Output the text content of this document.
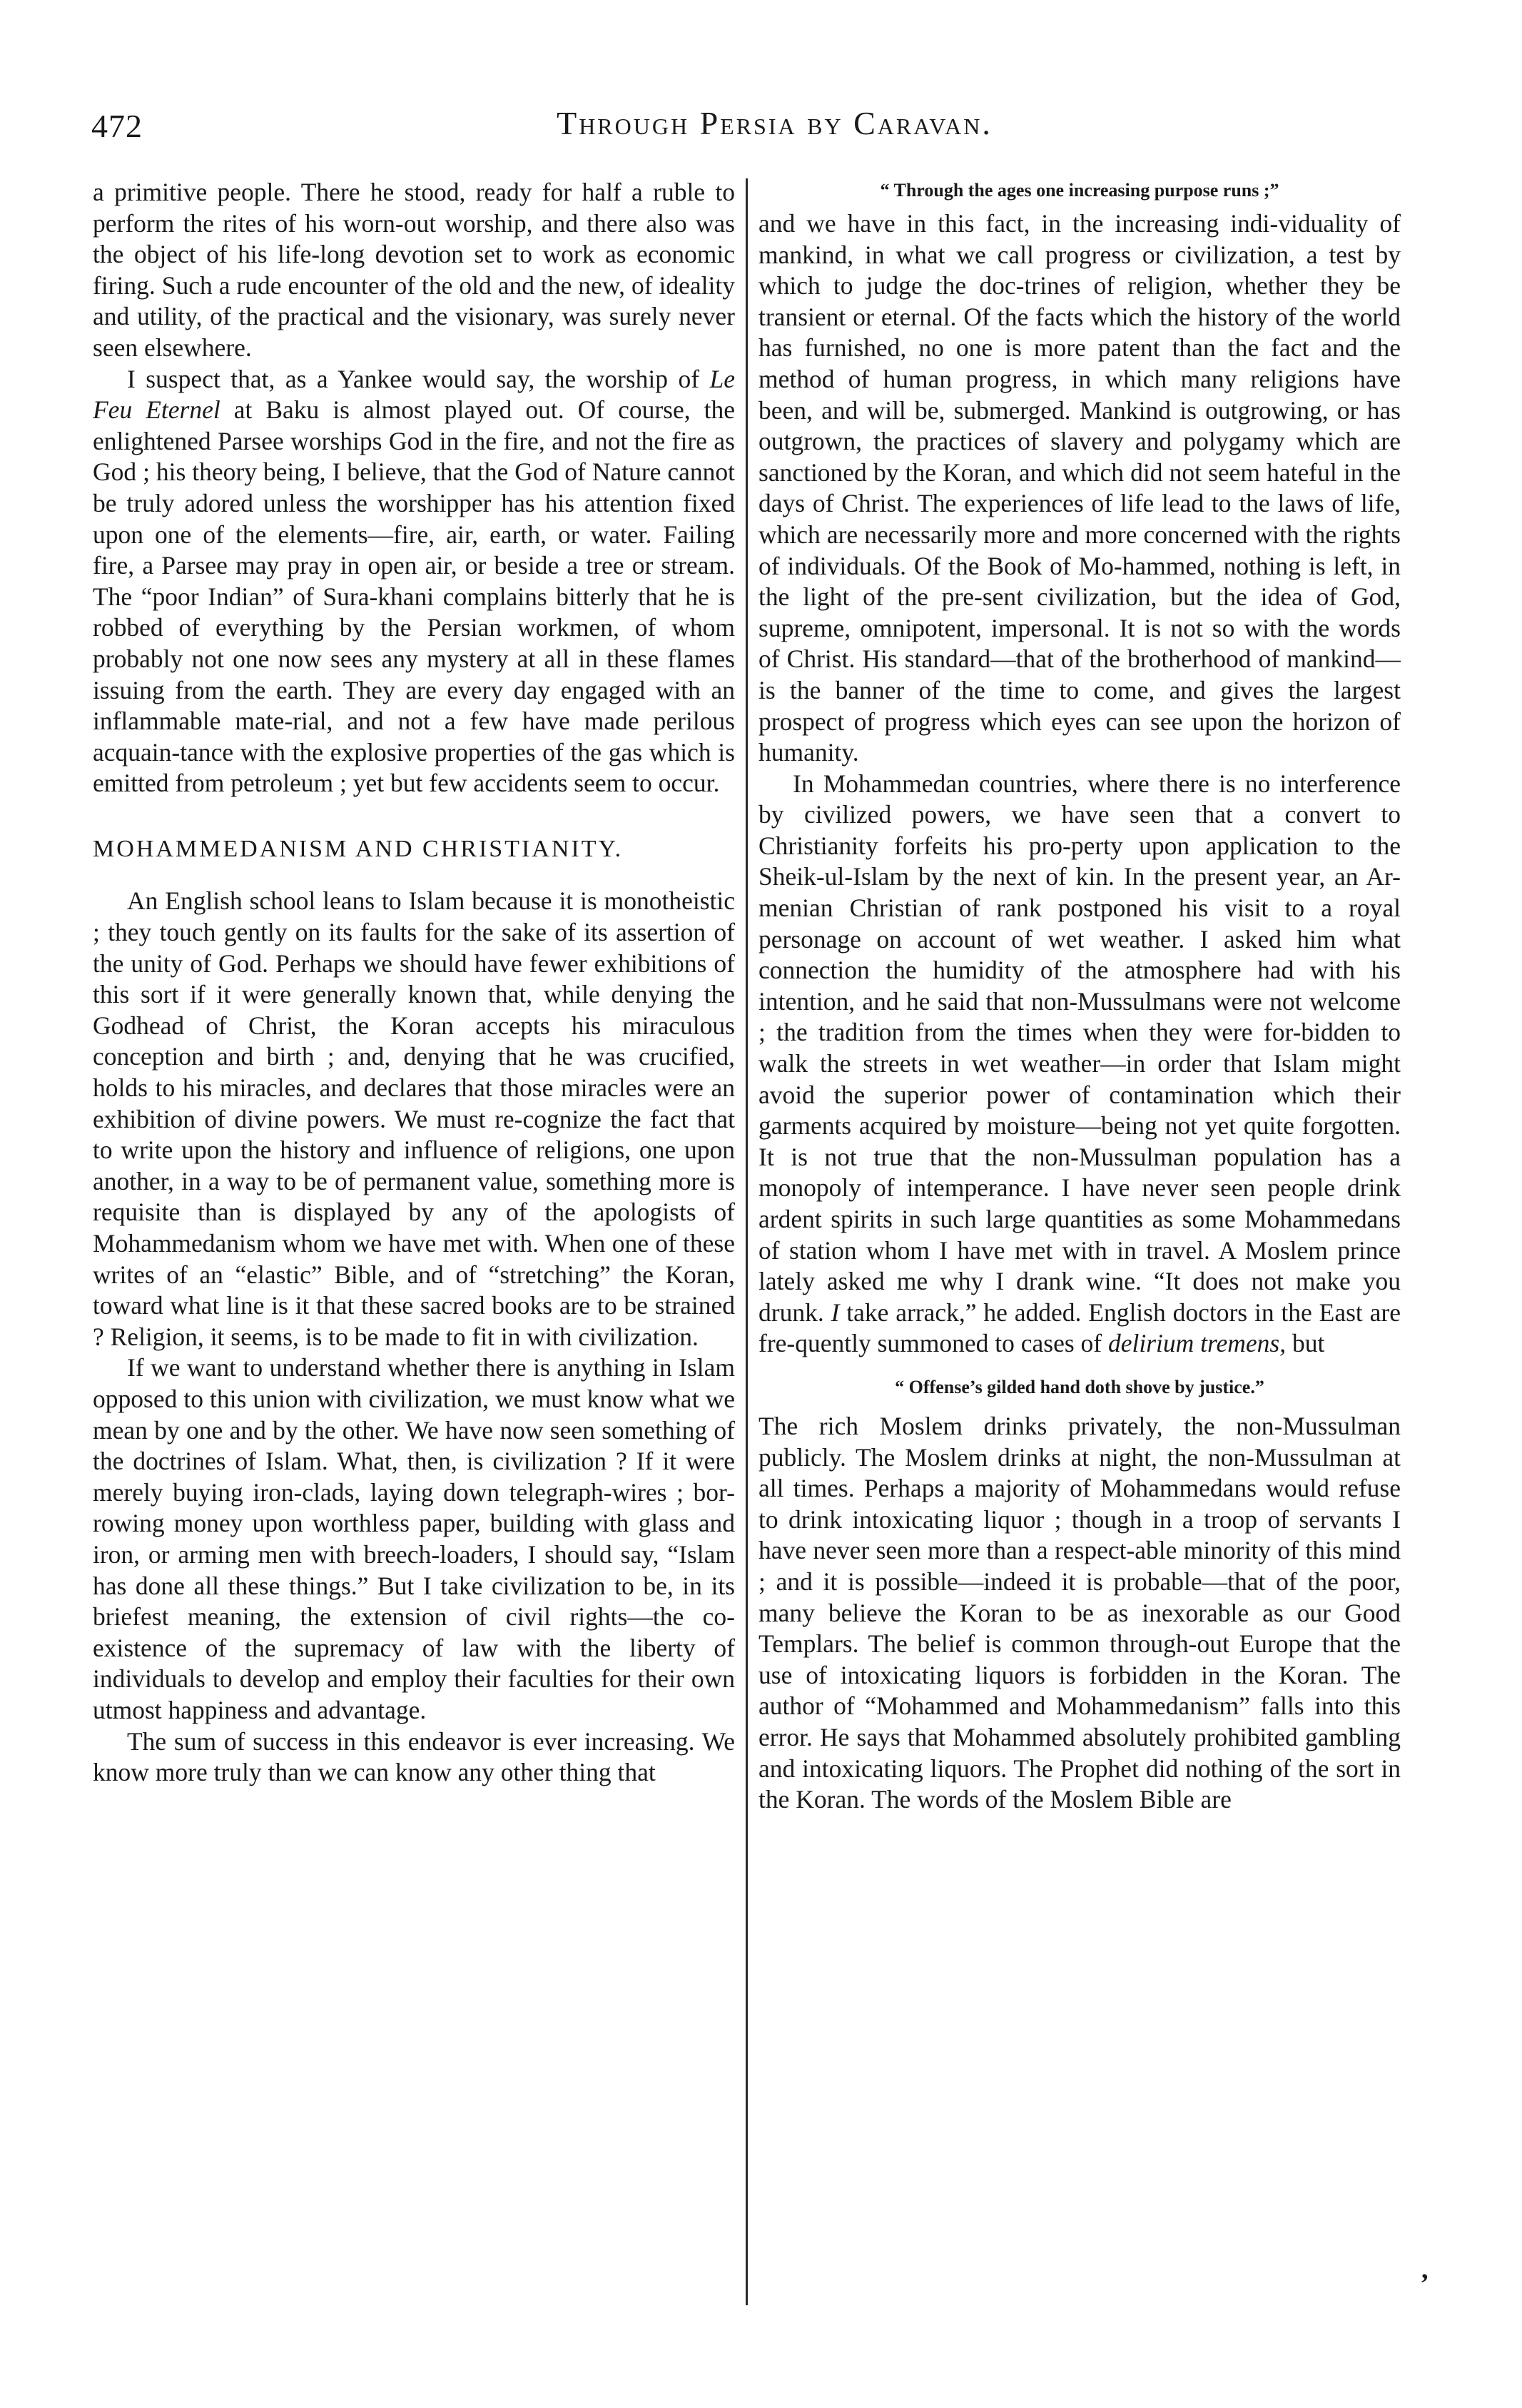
472	Through Persia by Caravan.

a primitive people. There he stood, ready for half a ruble to perform the rites of his worn-out worship, and there also was the object of his life-long devotion set to work as economic firing. Such a rude encounter of the old and the new, of ideality and utility, of the practical and the visionary, was surely never seen elsewhere.

I suspect that, as a Yankee would say, the worship of Le Feu Eternel at Baku is almost played out. Of course, the enlightened Parsee worships God in the fire, and not the fire as God ; his theory being, I believe, that the God of Nature cannot be truly adored unless the worshipper has his attention fixed upon one of the elements—fire, air, earth, or water. Failing fire, a Parsee may pray in open air, or beside a tree or stream. The “poor Indian” of Sura-khani complains bitterly that he is robbed of everything by the Persian workmen, of whom probably not one now sees any mystery at all in these flames issuing from the earth. They are every day engaged with an inflammable mate-rial, and not a few have made perilous acquain-tance with the explosive properties of the gas which is emitted from petroleum ; yet but few accidents seem to occur.

MOHAMMEDANISM AND CHRISTIANITY.

An English school leans to Islam because it is monotheistic ; they touch gently on its faults for the sake of its assertion of the unity of God. Perhaps we should have fewer exhibitions of this sort if it were generally known that, while denying the Godhead of Christ, the Koran accepts his miraculous conception and birth ; and, denying that he was crucified, holds to his miracles, and declares that those miracles were an exhibition of divine powers. We must re-cognize the fact that to write upon the history and influence of religions, one upon another, in a way to be of permanent value, something more is requisite than is displayed by any of the apologists of Mohammedanism whom we have met with. When one of these writes of an “elastic” Bible, and of “stretching” the Koran, toward what line is it that these sacred books are to be strained ? Religion, it seems, is to be made to fit in with civilization.

If we want to understand whether there is anything in Islam opposed to this union with civilization, we must know what we mean by one and by the other. We have now seen something of the doctrines of Islam. What, then, is civilization ? If it were merely buying iron-clads, laying down telegraph-wires ; bor-rowing money upon worthless paper, building with glass and iron, or arming men with breech-loaders, I should say, “Islam has done all these things.” But I take civilization to be, in its briefest meaning, the extension of civil rights—the co-existence of the supremacy of law with the liberty of individuals to develop and employ their faculties for their own utmost happiness and advantage.

The sum of success in this endeavor is ever increasing. We know more truly than we can know any other thing that

“ Through the ages one increasing purpose runs ;”

and we have in this fact, in the increasing indi-viduality of mankind, in what we call progress or civilization, a test by which to judge the doc-trines of religion, whether they be transient or eternal. Of the facts which the history of the world has furnished, no one is more patent than the fact and the method of human progress, in which many religions have been, and will be, submerged. Mankind is outgrowing, or has outgrown, the practices of slavery and polygamy which are sanctioned by the Koran, and which did not seem hateful in the days of Christ. The experiences of life lead to the laws of life, which are necessarily more and more concerned with the rights of individuals. Of the Book of Mo-hammed, nothing is left, in the light of the pre-sent civilization, but the idea of God, supreme, omnipotent, impersonal. It is not so with the words of Christ. His standard—that of the brotherhood of mankind—is the banner of the time to come, and gives the largest prospect of progress which eyes can see upon the horizon of humanity.

In Mohammedan countries, where there is no interference by civilized powers, we have seen that a convert to Christianity forfeits his pro-perty upon application to the Sheik-ul-Islam by the next of kin. In the present year, an Ar-menian Christian of rank postponed his visit to a royal personage on account of wet weather. I asked him what connection the humidity of the atmosphere had with his intention, and he said that non-Mussulmans were not welcome ; the tradition from the times when they were for-bidden to walk the streets in wet weather—in order that Islam might avoid the superior power of contamination which their garments acquired by moisture—being not yet quite forgotten. It is not true that the non-Mussulman population has a monopoly of intemperance. I have never seen people drink ardent spirits in such large quantities as some Mohammedans of station whom I have met with in travel. A Moslem prince lately asked me why I drank wine. “It does not make you drunk. I take arrack,” he added. English doctors in the East are fre-quently summoned to cases of delirium tremens, but

“ Offense’s gilded hand doth shove by justice.”

The rich Moslem drinks privately, the non-Mussulman publicly. The Moslem drinks at night, the non-Mussulman at all times. Perhaps a majority of Mohammedans would refuse to drink intoxicating liquor ; though in a troop of servants I have never seen more than a respect-able minority of this mind ; and it is possible—indeed it is probable—that of the poor, many believe the Koran to be as inexorable as our Good Templars. The belief is common through-out Europe that the use of intoxicating liquors is forbidden in the Koran. The author of “Mohammed and Mohammedanism” falls into this error. He says that Mohammed absolutely prohibited gambling and intoxicating liquors. The Prophet did nothing of the sort in the Koran. The words of the Moslem Bible are

,
